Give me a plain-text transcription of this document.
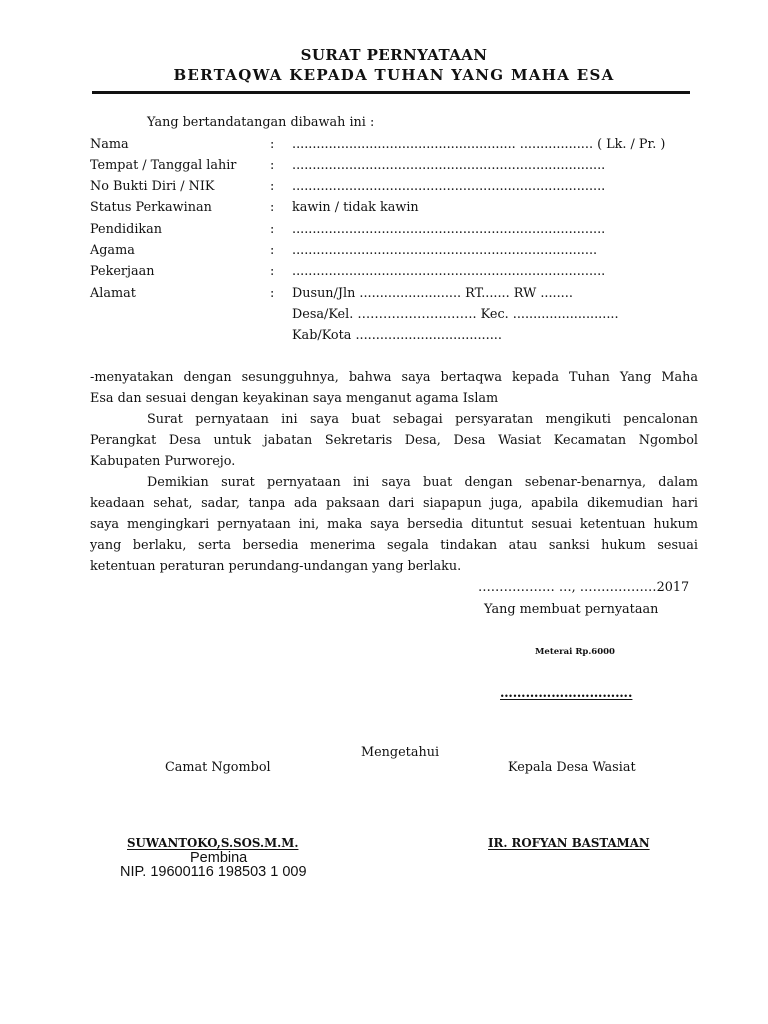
SURAT PERNYATAAN
BERTAQWA KEPADA TUHAN YANG MAHA ESA
Yang bertandatangan dibawah ini :
Nama	: ....................................................... .................. ( Lk. / Pr. )
Tempat / Tanggal lahir	: .............................................................................
No Bukti Diri / NIK	: .............................................................................
Status Perkawinan	: kawin / tidak kawin
Pendidikan	: .............................................................................
Agama	: ...........................................................................
Pekerjaan	: .............................................................................
Alamat	: Dusun/Jln ......................... RT....... RW ........
Desa/Kel. ………………………. Kec. ..........................
Kab/Kota ....................................
-menyatakan dengan sesungguhnya, bahwa saya bertaqwa kepada Tuhan Yang Maha
Esa dan sesuai dengan keyakinan saya menganut agama Islam
Surat pernyataan ini saya buat sebagai persyaratan mengikuti pencalonan
Perangkat Desa untuk jabatan Sekretaris Desa, Desa Wasiat Kecamatan Ngombol
Kabupaten Purworejo.
Demikian surat pernyataan ini saya buat dengan sebenar-benarnya, dalam
keadaan sehat, sadar, tanpa ada paksaan dari siapapun juga, apabila dikemudian hari
saya mengingkari pernyataan ini, maka saya bersedia dituntut sesuai ketentuan hukum
yang berlaku, serta bersedia menerima segala tindakan atau sanksi hukum sesuai
ketentuan peraturan perundang-undangan yang berlaku.
……………… …, ………………2017
Yang membuat pernyataan
Meterai Rp.6000
………………………….
Mengetahui
Camat Ngombol	Kepala Desa Wasiat
SUWANTOKO,S.SOS.M.M.
Pembina
NIP. 19600116 198503 1 009
IR. ROFYAN BASTAMAN
